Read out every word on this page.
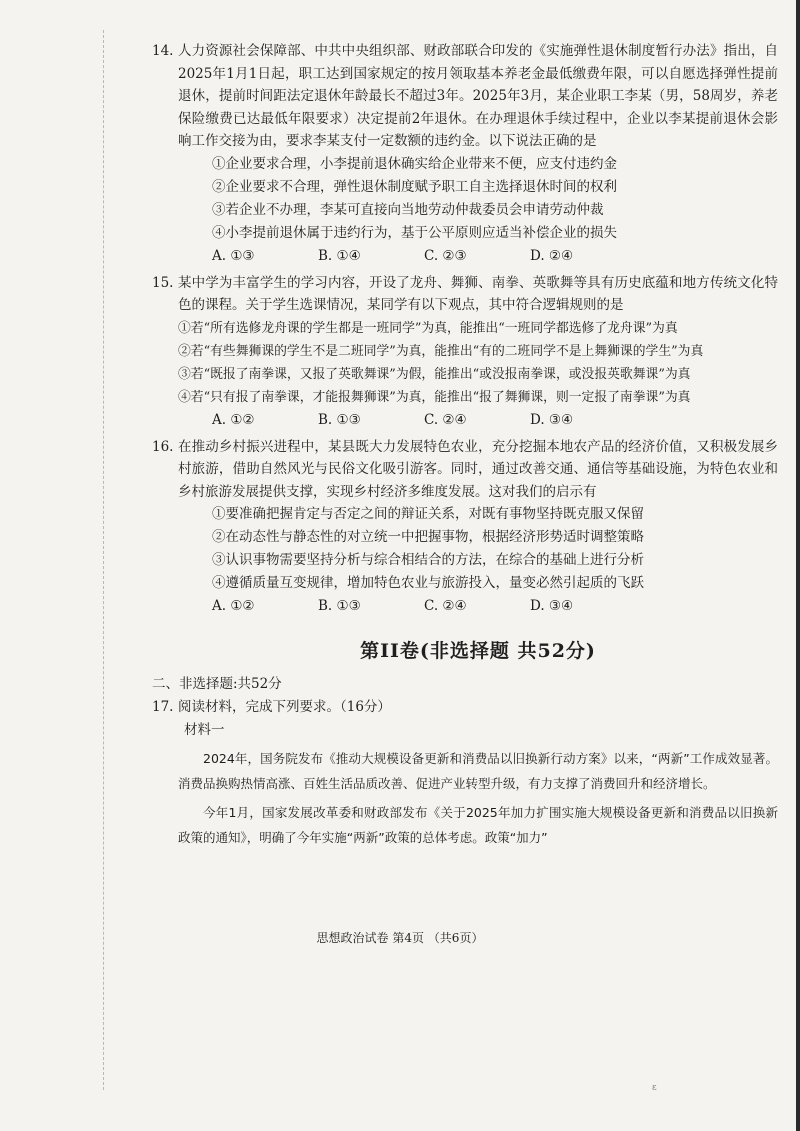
14. 人力资源社会保障部、中共中央组织部、财政部联合印发的《实施弹性退休制度暂行办法》指出，自2025年1月1日起，职工达到国家规定的按月领取基本养老金最低缴费年限，可以自愿选择弹性提前退休，提前时间距法定退休年龄最长不超过3年。2025年3月，某企业职工李某（男，58周岁，养老保险缴费已达最低年限要求）决定提前2年退休。在办理退休手续过程中，企业以李某提前退休会影响工作交接为由，要求李某支付一定数额的违约金。以下说法正确的是
①企业要求合理，小李提前退休确实给企业带来不便，应支付违约金
②企业要求不合理，弹性退休制度赋予职工自主选择退休时间的权利
③若企业不办理，李某可直接向当地劳动仲裁委员会申请劳动仲裁
④小李提前退休属于违约行为，基于公平原则应适当补偿企业的损失
A. ①③	B. ①④	C. ②③	D. ②④
15. 某中学为丰富学生的学习内容，开设了龙舟、舞狮、南拳、英歌舞等具有历史底蕴和地方传统文化特色的课程。关于学生选课情况，某同学有以下观点，其中符合逻辑规则的是
①若“所有选修龙舟课的学生都是一班同学”为真，能推出“一班同学都选修了龙舟课”为真
②若“有些舞狮课的学生不是二班同学”为真，能推出“有的二班同学不是上舞狮课的学生”为真
③若“既报了南拳课，又报了英歌舞课”为假，能推出“或没报南拳课，或没报英歌舞课”为真
④若“只有报了南拳课，才能报舞狮课”为真，能推出“报了舞狮课，则一定报了南拳课”为真
A. ①②	B. ①③	C. ②④	D. ③④
16. 在推动乡村振兴进程中，某县既大力发展特色农业，充分挖掘本地农产品的经济价值，又积极发展乡村旅游，借助自然风光与民俗文化吸引游客。同时，通过改善交通、通信等基础设施，为特色农业和乡村旅游发展提供支撑，实现乡村经济多维度发展。这对我们的启示有
①要准确把握肯定与否定之间的辩证关系，对既有事物坚持既克服又保留
②在动态性与静态性的对立统一中把握事物，根据经济形势适时调整策略
③认识事物需要坚持分析与综合相结合的方法，在综合的基础上进行分析
④遵循质量互变规律，增加特色农业与旅游投入，量变必然引起质的飞跃
A. ①②	B. ①③	C. ②④	D. ③④
第II卷(非选择题 共52分)
二、非选择题:共52分
17. 阅读材料，完成下列要求。（16分）
材料一
2024年，国务院发布《推动大规模设备更新和消费品以旧换新行动方案》以来，“两新”工作成效显著。消费品换购热情高涨、百姓生活品质改善、促进产业转型升级，有力支撑了消费回升和经济增长。
今年1月，国家发展改革委和财政部发布《关于2025年加力扩围实施大规模设备更新和消费品以旧换新政策的通知》，明确了今年实施“两新”政策的总体考虑。政策“加力”
思想政治试卷 第4页 （共6页）
ε
